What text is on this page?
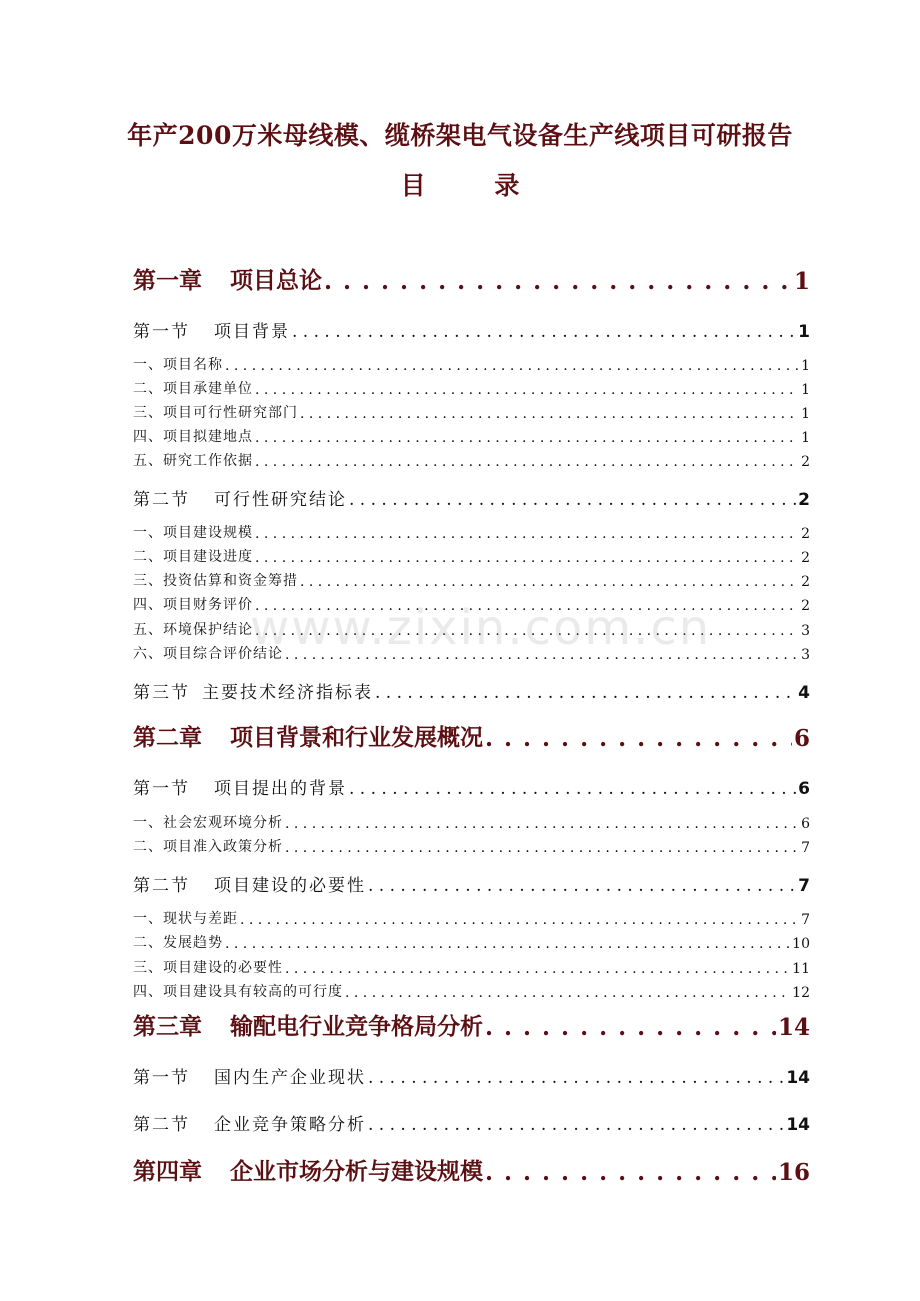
年产200万米母线模、缆桥架电气设备生产线项目可研报告
目 录
第一章 项目总论 . . .	1
第一节 项目背景 . . .	1
一、项目名称 . . .	1
二、项目承建单位 . . .	1
三、项目可行性研究部门 . . .	1
四、项目拟建地点 . . .	1
五、研究工作依据 . . .	2
第二节 可行性研究结论 . . .	2
一、项目建设规模 . . .	2
二、项目建设进度 . . .	2
三、投资估算和资金筹措 . . .	2
四、项目财务评价 . . .	2
五、环境保护结论 . . .	3
六、项目综合评价结论 . . .	3
第三节 主要技术经济指标表 . . .	4
第二章 项目背景和行业发展概况 . . .	6
第一节 项目提出的背景 . . .	6
一、社会宏观环境分析 . . .	6
二、项目准入政策分析 . . .	7
第二节 项目建设的必要性 . . .	7
一、现状与差距 . . .	7
二、发展趋势 . . .	10
三、项目建设的必要性 . . .	11
四、项目建设具有较高的可行度 . . .	12
第三章 输配电行业竞争格局分析 . . .	14
第一节 国内生产企业现状 . . .	14
第二节 企业竞争策略分析 . . .	14
第四章 企业市场分析与建设规模 . . .	16
www.zixin.com.cn
